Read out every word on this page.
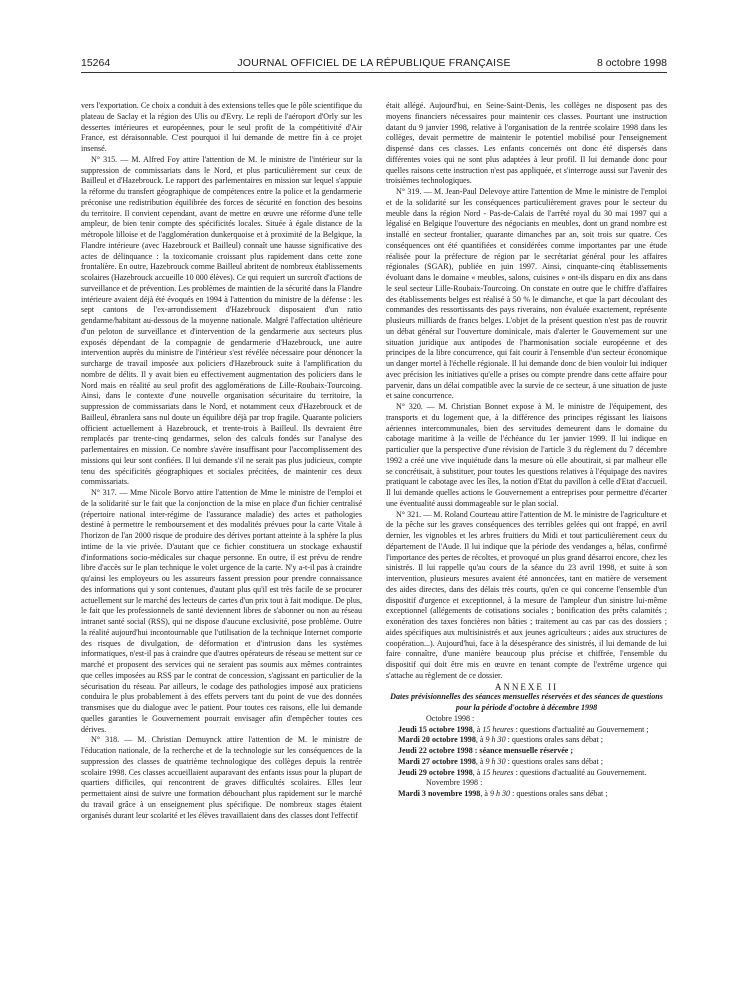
15264	JOURNAL OFFICIEL DE LA RÉPUBLIQUE FRANÇAISE	8 octobre 1998

vers l'exportation. Ce choix a conduit à des extensions telles que le pôle scientifique du plateau de Saclay et la région des Ulis ou d'Evry. Le repli de l'aéroport d'Orly sur les dessertes intérieures et européennes, pour le seul profit de la compétitivité d'Air France, est déraisonnable. C'est pourquoi il lui demande de mettre fin à ce projet insensé.

N° 315. — M. Alfred Foy attire l'attention de M. le ministre de l'intérieur sur la suppression de commissariats dans le Nord, et plus particulièrement sur ceux de Bailleul et d'Hazebrouck. Le rapport des parlementaires en mission sur lequel s'appuie la réforme du transfert géographique de compétences entre la police et la gendarmerie préconise une redistribution équilibrée des forces de sécurité en fonction des besoins du territoire. Il convient cependant, avant de mettre en œuvre une réforme d'une telle ampleur, de bien tenir compte des spécificités locales. Située à égale distance de la métropole lilloise et de l'agglomération dunkerquoise et à proximité de la Belgique, la Flandre intérieure (avec Hazebrouck et Bailleul) connaît une hausse significative des actes de délinquance : la toxicomanie croissant plus rapidement dans cette zone frontalière. En outre, Hazebrouck comme Bailleul abritent de nombreux établissements scolaires (Hazebrouck accueille 10 000 élèves). Ce qui requiert un surcroît d'actions de surveillance et de prévention. Les problèmes de maintien de la sécurité dans la Flandre intérieure avaient déjà été évoqués en 1994 à l'attention du ministre de la défense : les sept cantons de l'ex-arrondissement d'Hazebrouck disposaient d'un ratio gendarme/habitant au-dessous de la moyenne nationale. Malgré l'affectation ultérieure d'un peloton de surveillance et d'intervention de la gendarmerie aux secteurs plus exposés dépendant de la compagnie de gendarmerie d'Hazebrouck, une autre intervention auprès du ministre de l'intérieur s'est révélée nécessaire pour dénoncer la surcharge de travail imposée aux policiers d'Hazebrouck suite à l'amplification du nombre de délits. Il y avait bien eu effectivement augmentation des policiers dans le Nord mais en réalité au seul profit des agglomérations de Lille-Roubaix-Tourcoing. Ainsi, dans le contexte d'une nouvelle organisation sécuritaire du territoire, la suppression de commissariats dans le Nord, et notamment ceux d'Hazebrouck et de Bailleul, ébranlera sans nul doute un équilibre déjà par trop fragile. Quarante policiers officient actuellement à Hazebrouck, et trente-trois à Bailleul. Ils devraient être remplacés par trente-cinq gendarmes, selon des calculs fondés sur l'analyse des parlementaires en mission. Ce nombre s'avère insuffisant pour l'accomplissement des missions qui leur sont confiées. Il lui demande s'il ne serait pas plus judicieux, compte tenu des spécificités géographiques et sociales précitées, de maintenir ces deux commissariats.

N° 317. — Mme Nicole Borvo attire l'attention de Mme le ministre de l'emploi et de la solidarité sur le fait que la conjonction de la mise en place d'un fichier centralisé (répertoire national inter-régime de l'assurance maladie) des actes et pathologies destiné à permettre le remboursement et des modalités prévues pour la carte Vitale à l'horizon de l'an 2000 risque de produire des dérives portant atteinte à la sphère la plus intime de la vie privée. D'autant que ce fichier constituera un stockage exhaustif d'informations socio-médicales sur chaque personne. En outre, il est prévu de rendre libre d'accès sur le plan technique le volet urgence de la carte. N'y a-t-il pas à craindre qu'ainsi les employeurs ou les assureurs fassent pression pour prendre connaissance des informations qui y sont contenues, d'autant plus qu'il est très facile de se procurer actuellement sur le marché des lecteurs de cartes d'un prix tout à fait modique. De plus, le fait que les professionnels de santé deviennent libres de s'abonner ou non au réseau intranet santé social (RSS), qui ne dispose d'aucune exclusivité, pose problème. Outre la réalité aujourd'hui incontournable que l'utilisation de la technique Internet comporte des risques de divulgation, de déformation et d'intrusion dans les systèmes informatiques, n'est-il pas à craindre que d'autres opérateurs de réseau se mettent sur ce marché et proposent des services qui ne seraient pas soumis aux mêmes contraintes que celles imposées au RSS par le contrat de concession, s'agissant en particulier de la sécurisation du réseau. Par ailleurs, le codage des pathologies imposé aux praticiens conduira le plus probablement à des effets pervers tant du point de vue des données transmises que du dialogue avec le patient. Pour toutes ces raisons, elle lui demande quelles garanties le Gouvernement pourrait envisager afin d'empêcher toutes ces dérives.

N° 318. — M. Christian Demuynck attire l'attention de M. le ministre de l'éducation nationale, de la recherche et de la technologie sur les conséquences de la suppression des classes de quatrième technologique des collèges depuis la rentrée scolaire 1998. Ces classes accueillaient auparavant des enfants issus pour la plupart de quartiers difficiles, qui rencontrent de graves difficultés scolaires. Elles leur permettaient ainsi de suivre une formation débouchant plus rapidement sur le marché du travail grâce à un enseignement plus spécifique. De nombreux stages étaient organisés durant leur scolarité et les élèves travaillaient dans des classes dont l'effectif

était allégé. Aujourd'hui, en Seine-Saint-Denis, les collèges ne disposent pas des moyens financiers nécessaires pour maintenir ces classes. Pourtant une instruction datant du 9 janvier 1998, relative à l'organisation de la rentrée scolaire 1998 dans les collèges, devait permettre de maintenir le potentiel mobilisé pour l'enseignement dispensé dans ces classes. Les enfants concernés ont donc été dispersés dans différentes voies qui ne sont plus adaptées à leur profil. Il lui demande donc pour quelles raisons cette instruction n'est pas appliquée, et s'interroge aussi sur l'avenir des troisièmes technologiques.

N° 319. — M. Jean-Paul Delevoye attire l'attention de Mme le ministre de l'emploi et de la solidarité sur les conséquences particulièrement graves pour le secteur du meuble dans la région Nord - Pas-de-Calais de l'arrêté royal du 30 mai 1997 qui a légalisé en Belgique l'ouverture des négociants en meubles, dont un grand nombre est installé en secteur frontalier, quarante dimanches par an, soit trois sur quatre. Ces conséquences ont été quantifiées et considérées comme importantes par une étude réalisée pour la préfecture de région par le secrétariat général pour les affaires régionales (SGAR), publiée en juin 1997. Ainsi, cinquante-cinq établissements évoluant dans le domaine « meubles, salons, cuisines » ont-ils disparu en dix ans dans le seul secteur Lille-Roubaix-Tourcoing. On constate en outre que le chiffre d'affaires des établissements belges est réalisé à 50 % le dimanche, et que la part découlant des commandes des ressortissants des pays riverains, non évaluée exactement, représente plusieurs milliards de francs belges. L'objet de la présent question n'est pas de rouvrir un débat général sur l'ouverture dominicale, mais d'alerter le Gouvernement sur une situation juridique aux antipodes de l'harmonisation sociale européenne et des principes de la libre concurrence, qui fait courir à l'ensemble d'un secteur économique un danger mortel à l'échelle régionale. Il lui demande donc de bien vouloir lui indiquer avec précision les initiatives qu'elle a prises ou compte prendre dans cette affaire pour parvenir, dans un délai compatible avec la survie de ce secteur, à une situation de juste et saine concurrence.

N° 320. — M. Christian Bonnet expose à M. le ministre de l'équipement, des transports et du logement que, à la différence des principes régissant les liaisons aériennes intercommunales, bien des servitudes demeurent dans le domaine du cabotage maritime à la veille de l'échéance du 1er janvier 1999. Il lui indique en particulier que la perspective d'une révision de l'article 3 du règlement du 7 décembre 1992 a créé une vive inquiétude dans la mesure où elle aboutirait, si par malheur elle se concrétisait, à substituer, pour toutes les questions relatives à l'équipage des navires pratiquant le cabotage avec les îles, la notion d'Etat du pavillon à celle d'Etat d'accueil. Il lui demande quelles actions le Gouvernement a entreprises pour permettre d'écarter une éventualité aussi dommageable sur le plan social.

N° 321. — M. Roland Courteau attire l'attention de M. le ministre de l'agriculture et de la pêche sur les graves conséquences des terribles gelées qui ont frappé, en avril dernier, les vignobles et les arbres fruitiers du Midi et tout particulièrement ceux du département de l'Aude. Il lui indique que la période des vendanges a, hélas, confirmé l'importance des pertes de récoltes, et provoqué un plus grand désarroi encore, chez les sinistrés. Il lui rappelle qu'au cours de la séance du 23 avril 1998, et suite à son intervention, plusieurs mesures avaient été annoncées, tant en matière de versement des aides directes, dans des délais très courts, qu'en ce qui concerne l'ensemble d'un dispositif d'urgence et exceptionnel, à la mesure de l'ampleur d'un sinistre lui-même exceptionnel (allégements de cotisations sociales ; bonification des prêts calamités ; exonération des taxes foncières non bâties ; traitement au cas par cas des dossiers ; aides spécifiques aux multisinistrés et aux jeunes agriculteurs ; aides aux structures de coopération...). Aujourd'hui, face à la désespérance des sinistrés, il lui demande de lui faire connaître, d'une manière beaucoup plus précise et chiffrée, l'ensemble du dispositif qui doit être mis en œuvre en tenant compte de l'extrême urgence qui s'attache au règlement de ce dossier.

ANNEXE II

Dates prévisionnelles des séances mensuelles réservées et des séances de questions pour la période d'octobre à décembre 1998

Octobre 1998 :

Jeudi 15 octobre 1998, à 15 heures : questions d'actualité au Gouvernement ;

Mardi 20 octobre 1998, à 9 h 30 : questions orales sans débat ;

Jeudi 22 octobre 1998 : séance mensuelle réservée ;

Mardi 27 octobre 1998, à 9 h 30 : questions orales sans débat ;

Jeudi 29 octobre 1998, à 15 heures : questions d'actualité au Gouvernement.

Novembre 1998 :

Mardi 3 novembre 1998, à 9 h 30 : questions orales sans débat ;
